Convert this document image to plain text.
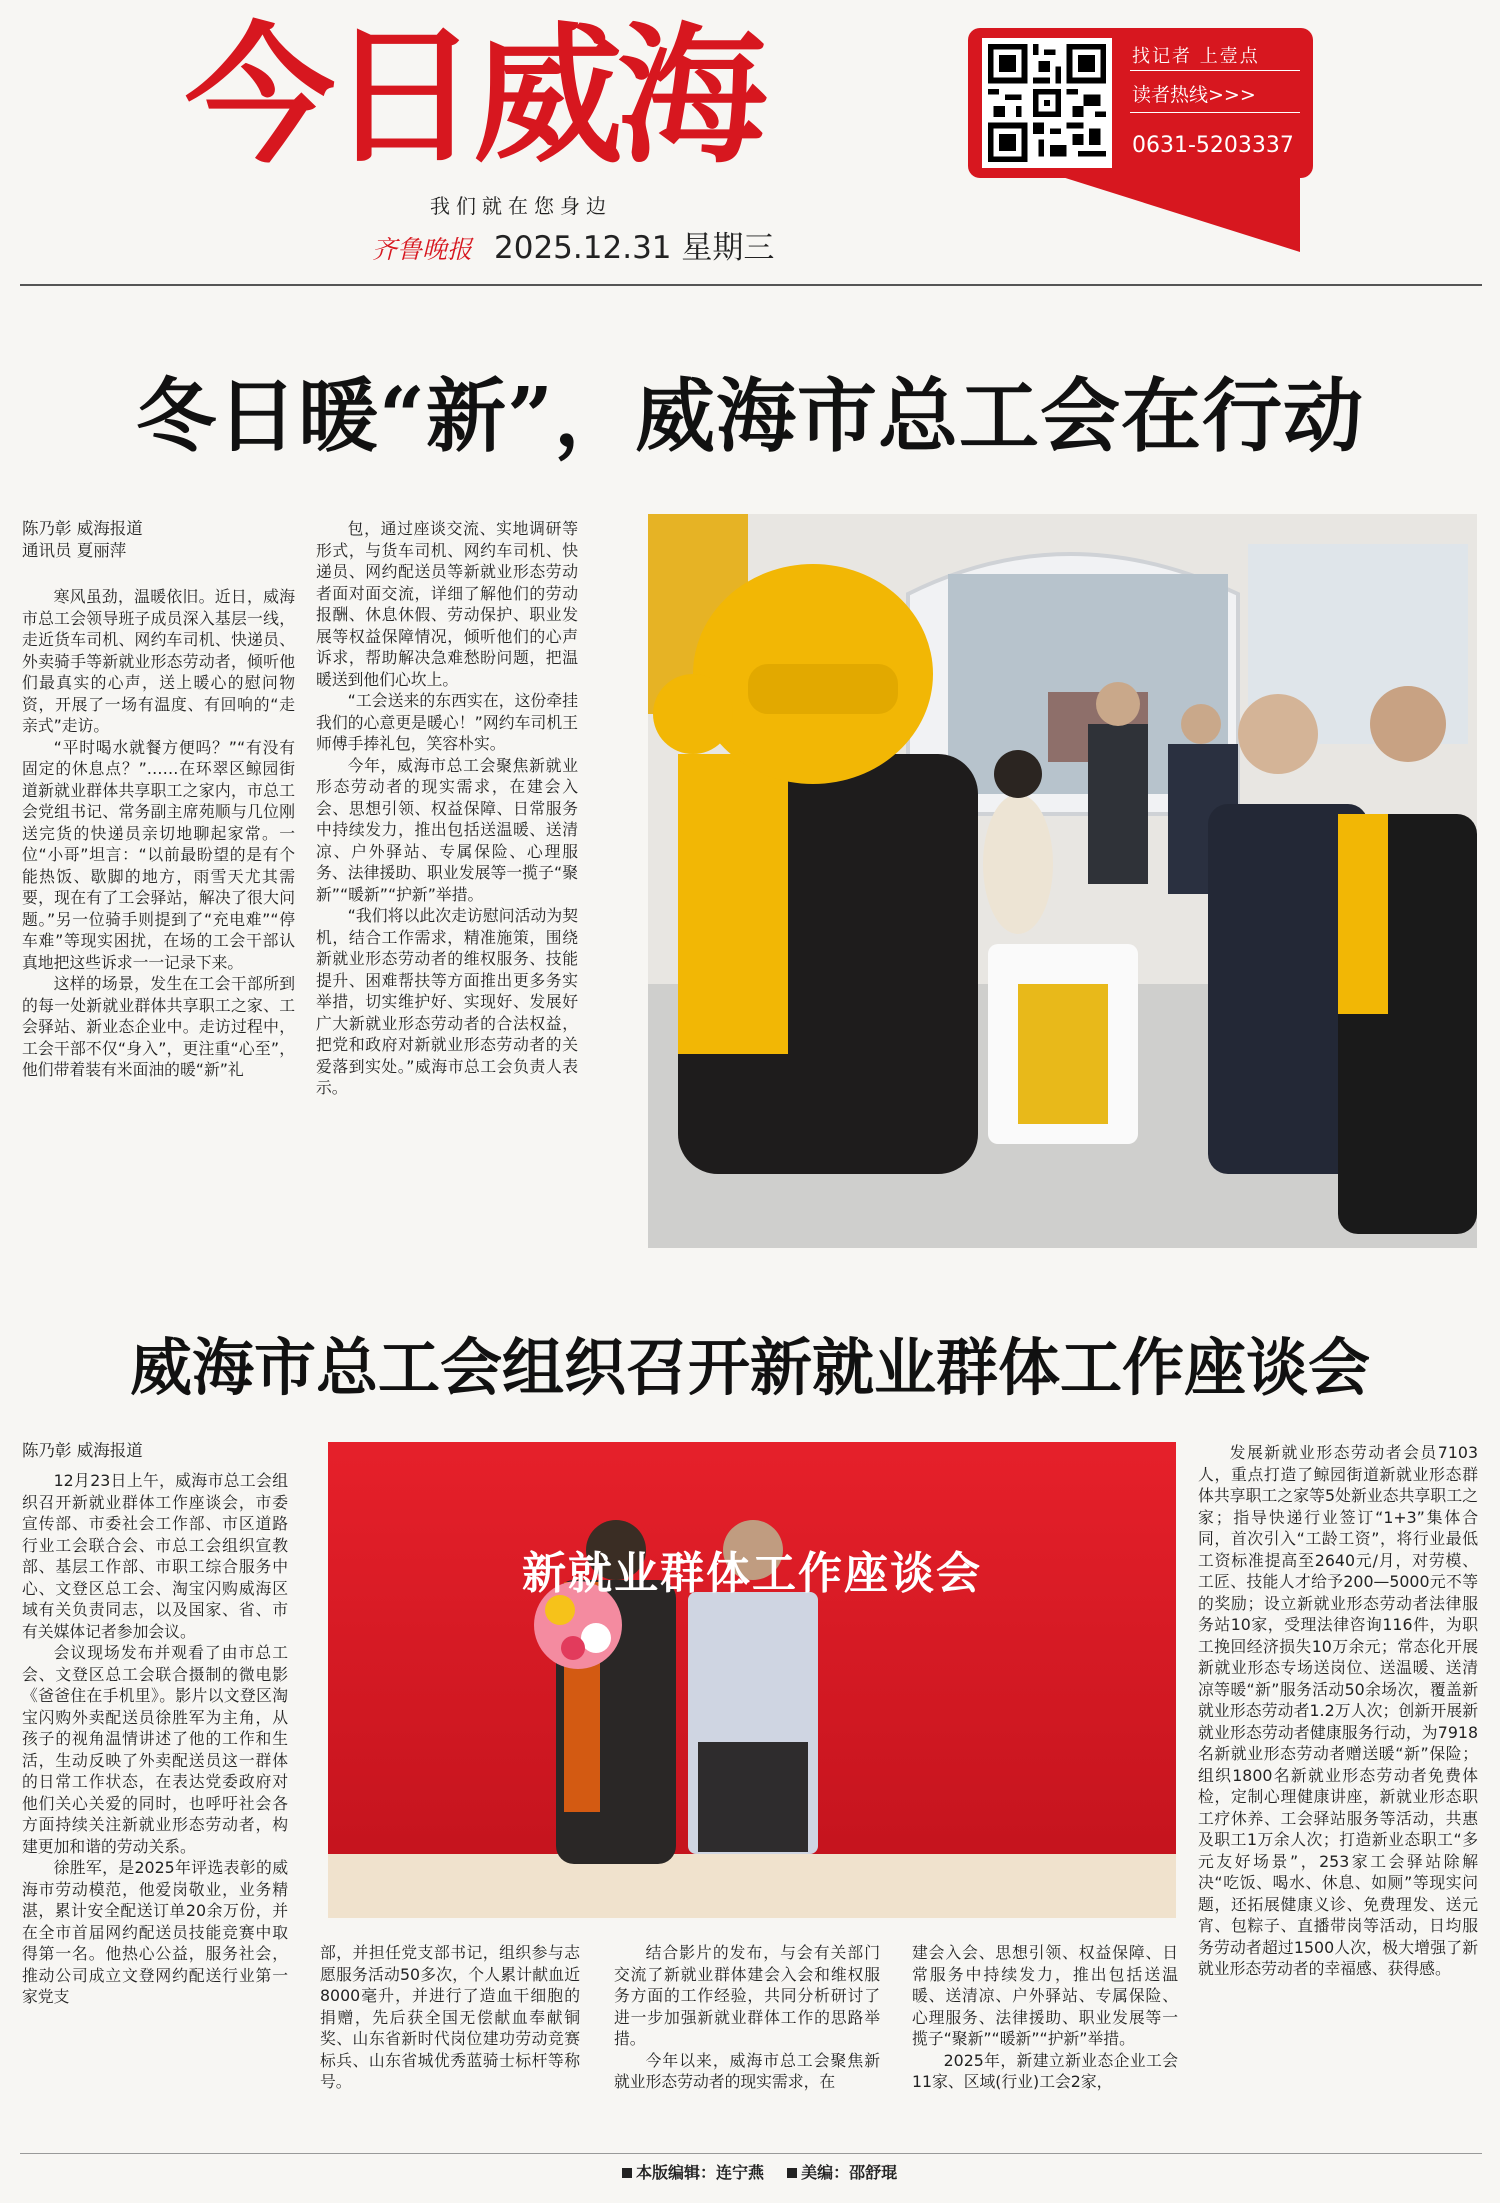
今日威海
我们就在您身边
齐鲁晚报 2025.12.31 星期三
找记者 上壹点
读者热线>>>
0631-5203337
冬日暖“新”，威海市总工会在行动
陈乃彰 威海报道
通讯员 夏丽萍

寒风虽劲，温暖依旧。近日，威海市总工会领导班子成员深入基层一线，走近货车司机、网约车司机、快递员、外卖骑手等新就业形态劳动者，倾听他们最真实的心声，送上暖心的慰问物资，开展了一场有温度、有回响的“走亲式”走访。

“平时喝水就餐方便吗？”“有没有固定的休息点？”……在环翠区鲸园街道新就业群体共享职工之家内，市总工会党组书记、常务副主席苑顺与几位刚送完货的快递员亲切地聊起家常。一位“小哥”坦言：“以前最盼望的是有个能热饭、歇脚的地方，雨雪天尤其需要，现在有了工会驿站，解决了很大问题。”另一位骑手则提到了“充电难”“停车难”等现实困扰，在场的工会干部认真地把这些诉求一一记录下来。

这样的场景，发生在工会干部所到的每一处新就业群体共享职工之家、工会驿站、新业态企业中。走访过程中，工会干部不仅“身入”，更注重“心至”，他们带着装有米面油的暖“新”礼

包，通过座谈交流、实地调研等形式，与货车司机、网约车司机、快递员、网约配送员等新就业形态劳动者面对面交流，详细了解他们的劳动报酬、休息休假、劳动保护、职业发展等权益保障情况，倾听他们的心声诉求，帮助解决急难愁盼问题，把温暖送到他们心坎上。

“工会送来的东西实在，这份牵挂我们的心意更是暖心！”网约车司机王师傅手捧礼包，笑容朴实。

今年，威海市总工会聚焦新就业形态劳动者的现实需求，在建会入会、思想引领、权益保障、日常服务中持续发力，推出包括送温暖、送清凉、户外驿站、专属保险、心理服务、法律援助、职业发展等一揽子“聚新”“暖新”“护新”举措。

“我们将以此次走访慰问活动为契机，结合工作需求，精准施策，围绕新就业形态劳动者的维权服务、技能提升、困难帮扶等方面推出更多务实举措，切实维护好、实现好、发展好广大新就业形态劳动者的合法权益，把党和政府对新就业形态劳动者的关爱落到实处。”威海市总工会负责人表示。

威海市总工会组织召开新就业群体工作座谈会
陈乃彰 威海报道

12月23日上午，威海市总工会组织召开新就业群体工作座谈会，市委宣传部、市委社会工作部、市区道路行业工会联合会、市总工会组织宣教部、基层工作部、市职工综合服务中心、文登区总工会、淘宝闪购威海区域有关负责同志，以及国家、省、市有关媒体记者参加会议。

会议现场发布并观看了由市总工会、文登区总工会联合摄制的微电影《爸爸住在手机里》。影片以文登区淘宝闪购外卖配送员徐胜军为主角，从孩子的视角温情讲述了他的工作和生活，生动反映了外卖配送员这一群体的日常工作状态，在表达党委政府对他们关心关爱的同时，也呼吁社会各方面持续关注新就业形态劳动者，构建更加和谐的劳动关系。

徐胜军，是2025年评选表彰的威海市劳动模范，他爱岗敬业，业务精湛，累计安全配送订单20余万份，并在全市首届网约配送员技能竞赛中取得第一名。他热心公益，服务社会，推动公司成立文登网约配送行业第一家党支

新就业群体工作座谈会

发展新就业形态劳动者会员7103人，重点打造了鲸园街道新就业形态群体共享职工之家等5处新业态共享职工之家；指导快递行业签订“1+3”集体合同，首次引入“工龄工资”，将行业最低工资标准提高至2640元/月，对劳模、工匠、技能人才给予200—5000元不等的奖励；设立新就业形态劳动者法律服务站10家，受理法律咨询116件，为职工挽回经济损失10万余元；常态化开展新就业形态专场送岗位、送温暖、送清凉等暖“新”服务活动50余场次，覆盖新就业形态劳动者1.2万人次；创新开展新就业形态劳动者健康服务行动，为7918名新就业形态劳动者赠送暖“新”保险；组织1800名新就业形态劳动者免费体检，定制心理健康讲座，新就业形态职工疗休养、工会驿站服务等活动，共惠及职工1万余人次；打造新业态职工“多元友好场景”，253家工会驿站除解决“吃饭、喝水、休息、如厕”等现实问题，还拓展健康义诊、免费理发、送元宵、包粽子、直播带岗等活动，日均服务劳动者超过1500人次，极大增强了新就业形态劳动者的幸福感、获得感。

部，并担任党支部书记，组织参与志愿服务活动50多次，个人累计献血近8000毫升，并进行了造血干细胞的捐赠，先后获全国无偿献血奉献铜奖、山东省新时代岗位建功劳动竞赛标兵、山东省城优秀蓝骑士标杆等称号。

结合影片的发布，与会有关部门交流了新就业群体建会入会和维权服务方面的工作经验，共同分析研讨了进一步加强新就业群体工作的思路举措。

今年以来，威海市总工会聚焦新就业形态劳动者的现实需求，在

建会入会、思想引领、权益保障、日常服务中持续发力，推出包括送温暖、送清凉、户外驿站、专属保险、心理服务、法律援助、职业发展等一揽子“聚新”“暖新”“护新”举措。

2025年，新建立新业态企业工会11家、区域(行业)工会2家，

本版编辑：连宁燕 美编：邵舒琨
